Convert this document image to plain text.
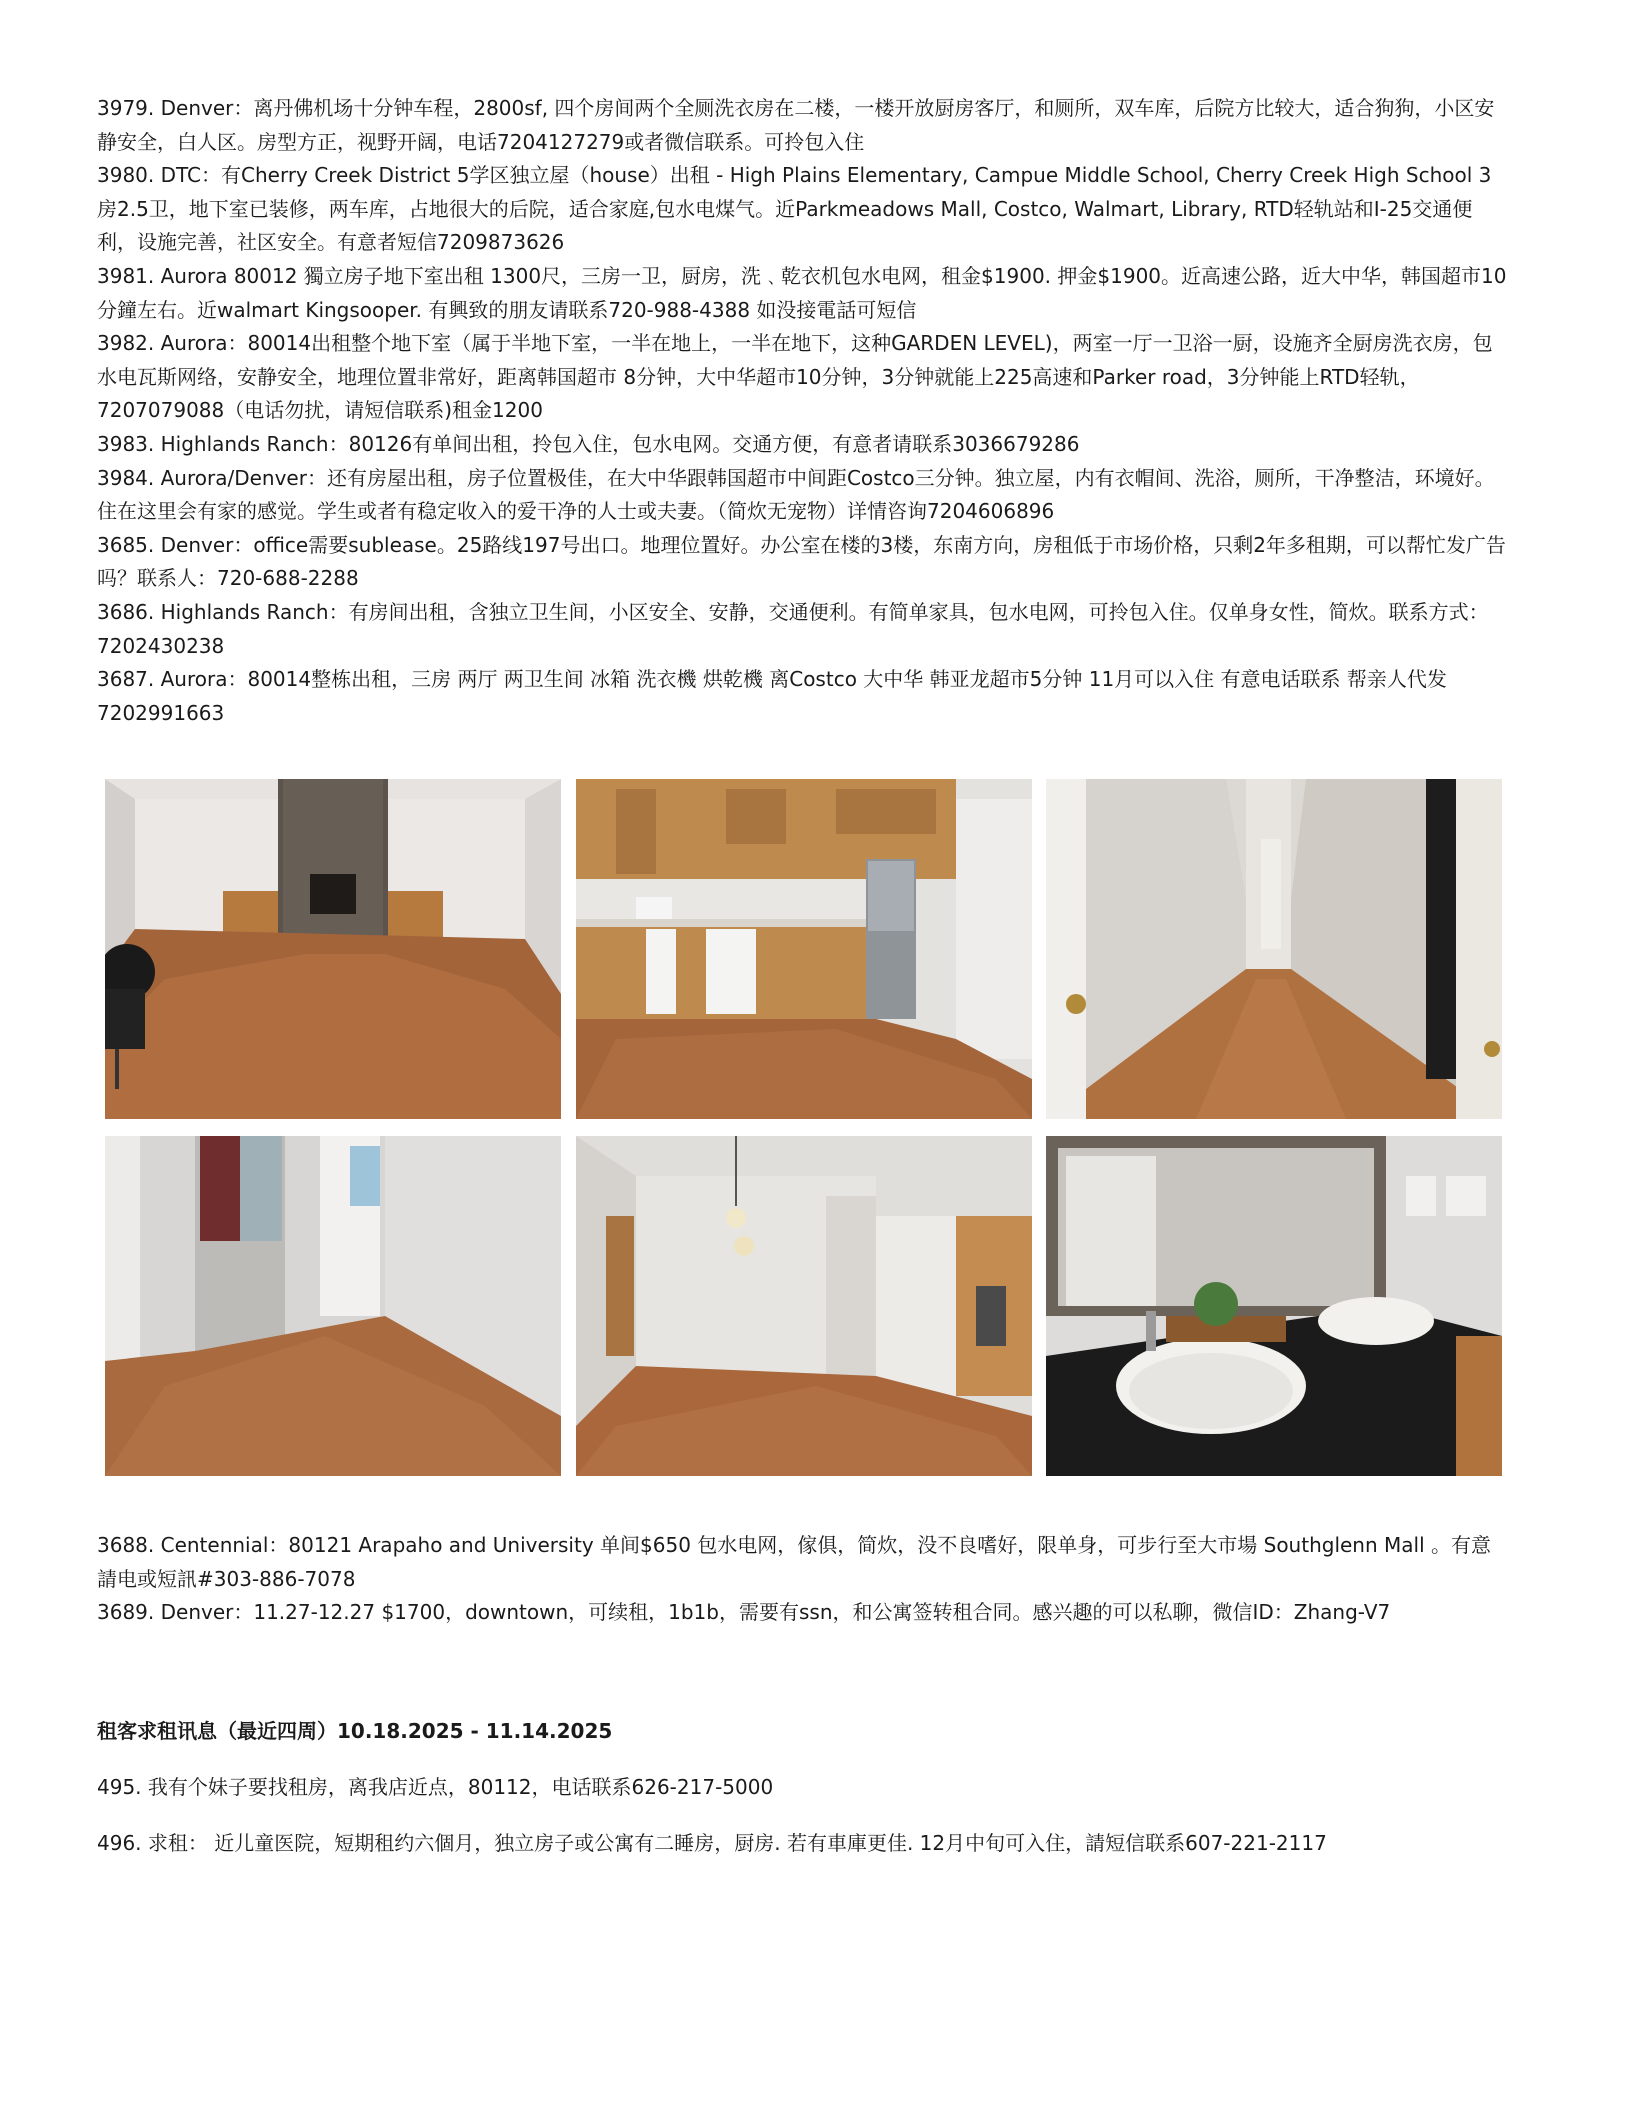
3979. Denver：离丹佛机场十分钟车程，2800sf, 四个房间两个全厕洗衣房在二楼，一楼开放厨房客厅，和厕所，双车库，后院方比较大，适合狗狗，小区安静安全，白人区。房型方正，视野开阔，电话7204127279或者微信联系。可拎包入住

3980. DTC：有Cherry Creek District 5学区独立屋（house）出租 - High Plains Elementary, Campue Middle School, Cherry Creek High School 3房2.5卫，地下室已装修，两车库，占地很大的后院，适合家庭,包水电煤气。近Parkmeadows Mall, Costco, Walmart, Library, RTD轻轨站和I-25交通便利，设施完善，社区安全。有意者短信7209873626

3981. Aurora 80012 獨立房子地下室出租 1300尺，三房一卫，厨房，洗﹑乾衣机包水电网，租金$1900. 押金$1900。近高速公路，近大中华，韩国超市10分鐘左右。近walmart Kingsooper. 有興致的朋友请联系720-988-4388 如没接電話可短信

3982. Aurora：80014出租整个地下室（属于半地下室，一半在地上，一半在地下，这种GARDEN LEVEL)，两室一厅一卫浴一厨，设施齐全厨房洗衣房，包水电瓦斯网络，安静安全，地理位置非常好，距离韩国超市 8分钟，大中华超市10分钟，3分钟就能上225高速和Parker road，3分钟能上RTD轻轨，7207079088（电话勿扰，请短信联系)租金1200

3983. Highlands Ranch：80126有单间出租，拎包入住，包水电网。交通方便，有意者请联系3036679286

3984. Aurora/Denver：还有房屋出租，房子位置极佳，在大中华跟韩国超市中间距Costco三分钟。独立屋，内有衣帽间、洗浴，厕所，干净整洁，环境好。住在这里会有家的感觉。学生或者有稳定收入的爱干净的人士或夫妻。（简炊无宠物）详情咨询7204606896

3685. Denver：office需要sublease。25路线197号出口。地理位置好。办公室在楼的3楼，东南方向，房租低于市场价格，只剩2年多租期，可以帮忙发广告吗？联系人：720-688-2288

3686. Highlands Ranch：有房间出租，含独立卫生间，小区安全、安静，交通便利。有简单家具，包水电网，可拎包入住。仅单身女性，简炊。联系方式：7202430238

3687. Aurora：80014整栋出租，三房 两厅 两卫生间 冰箱 洗衣機 烘乾機 离Costco 大中华 韩亚龙超市5分钟 11月可以入住 有意电话联系 帮亲人代发7202991663

3688. Centennial：80121 Arapaho and University 单间$650 包水电网，傢俱，简炊，没不良嗜好，限单身，可步行至大市場 Southglenn Mall 。有意請电或短訊#303-886-7078

3689. Denver：11.27-12.27 $1700，downtown，可续租，1b1b，需要有ssn，和公寓签转租合同。感兴趣的可以私聊，微信ID：Zhang-V7

租客求租讯息（最近四周）10.18.2025 - 11.14.2025
495. 我有个妹子要找租房，离我店近点，80112，电话联系626-217-5000
496. 求租： 近儿童医院，短期租约六個月，独立房子或公寓有二睡房，厨房. 若有車庫更佳. 12月中旬可入住，請短信联系607-221-2117
